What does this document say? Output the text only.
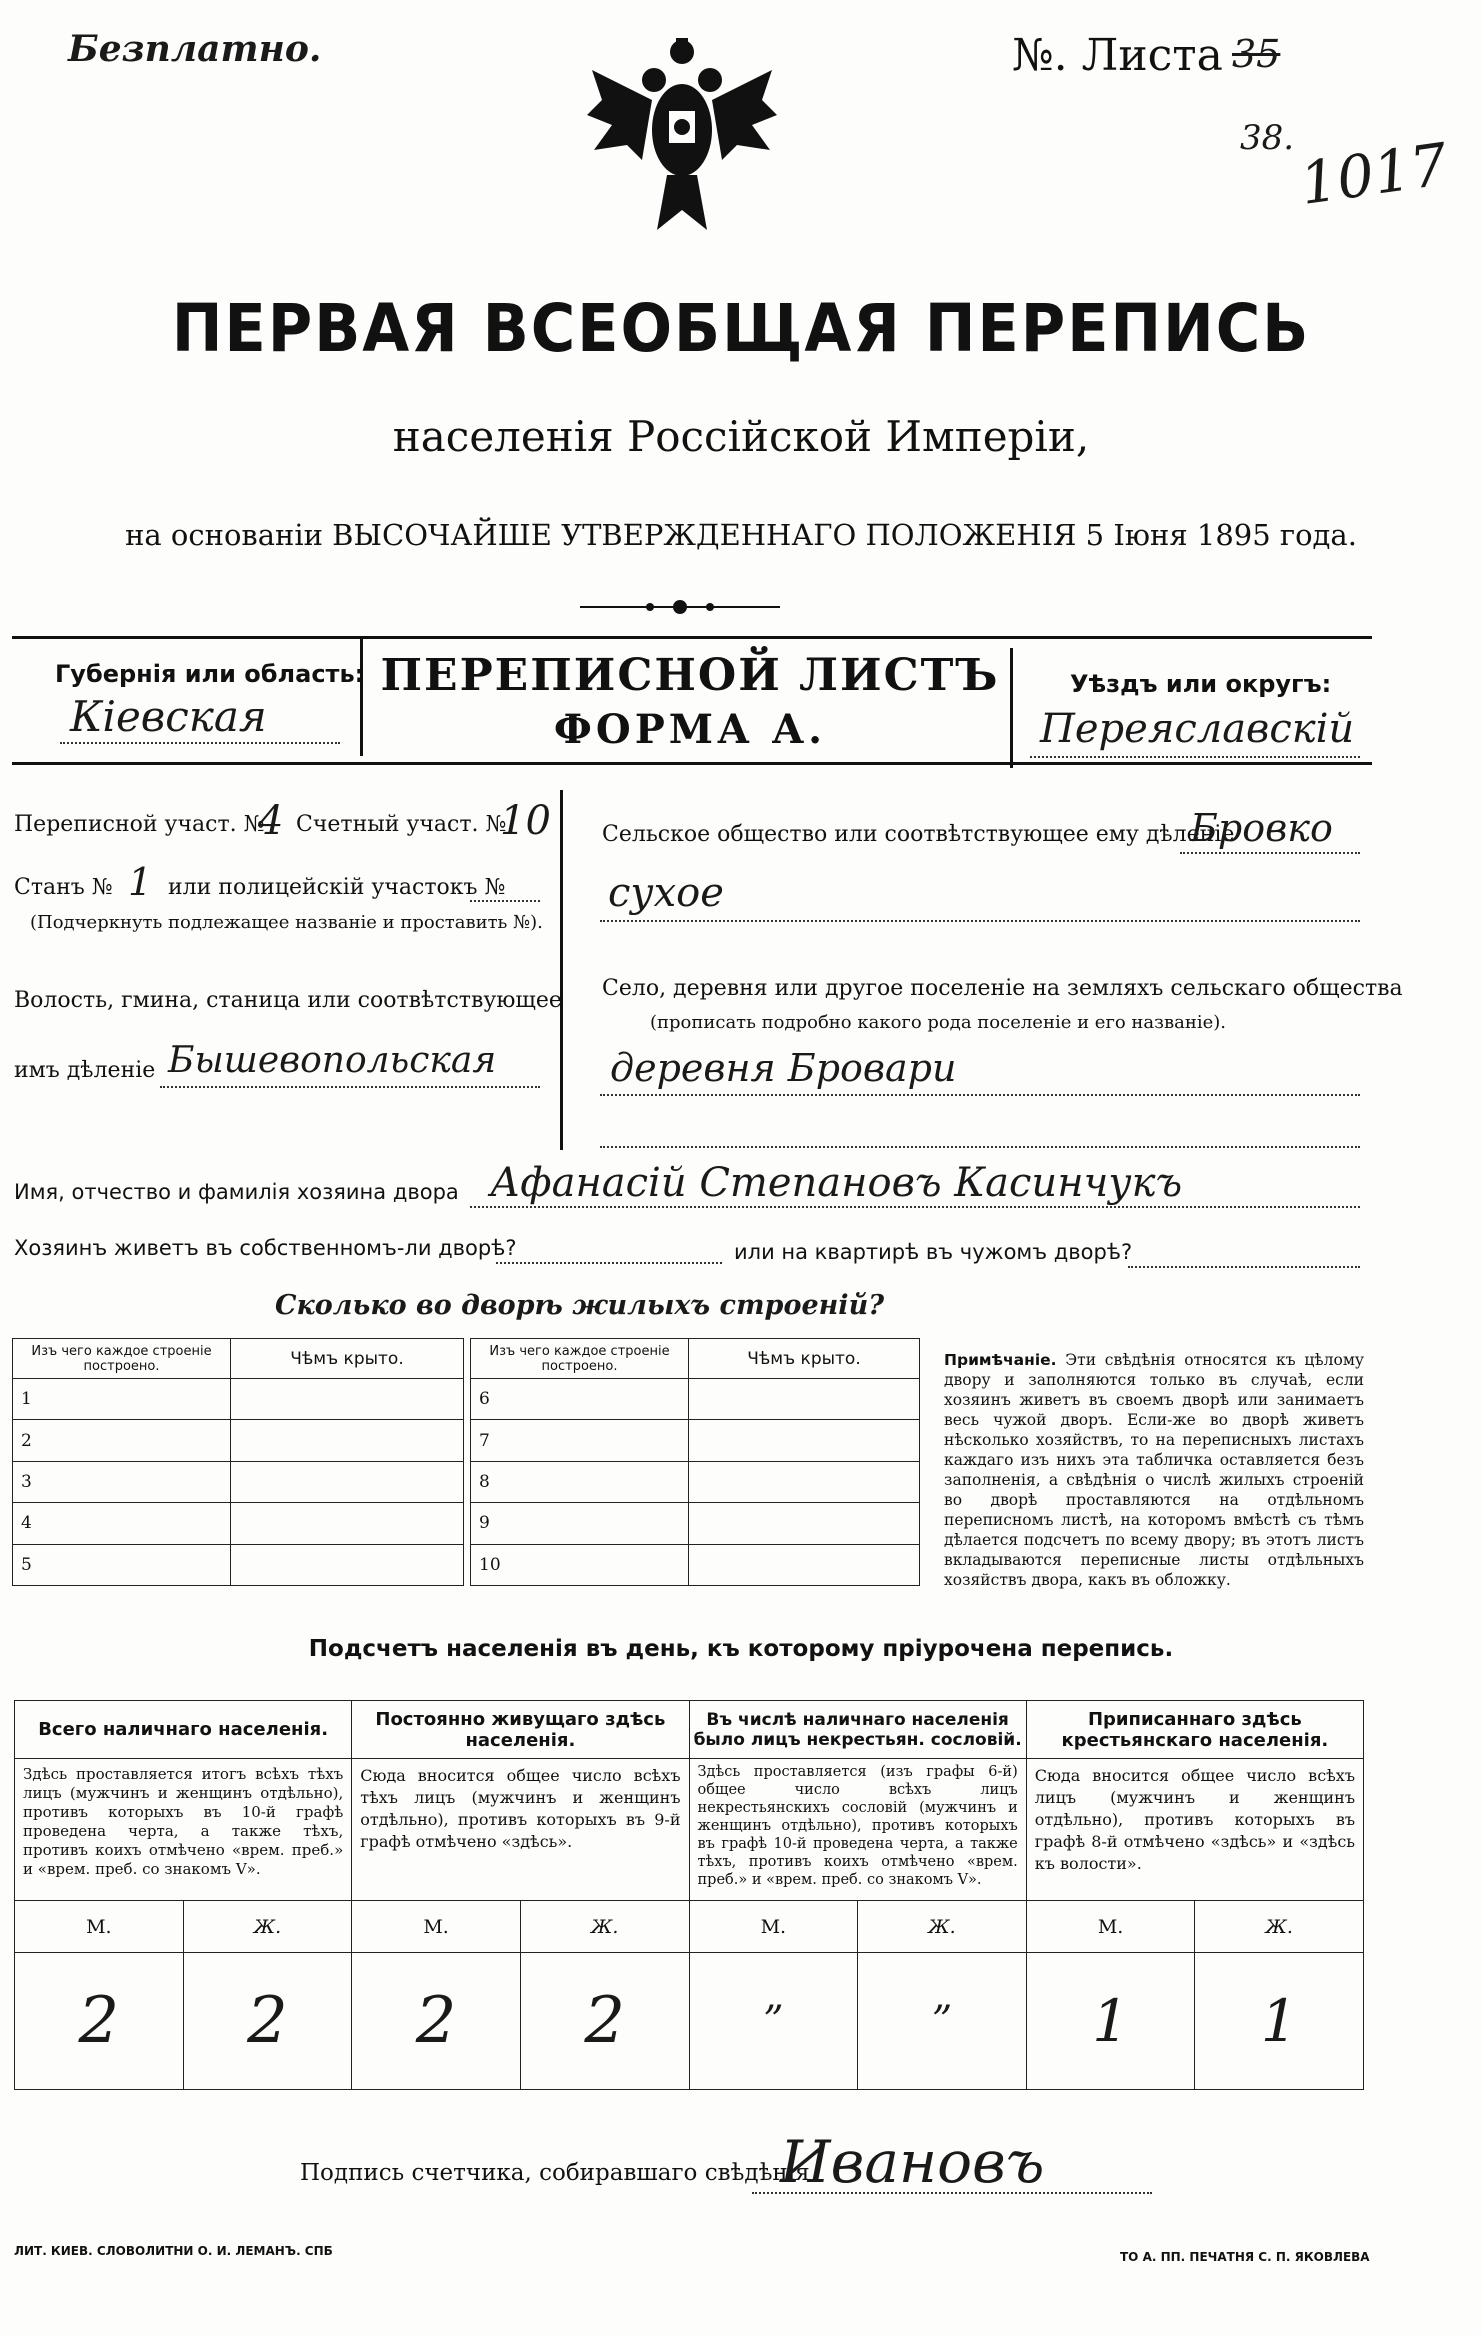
Безплатно.	№. Листа 35
38. 1017
ПЕРВАЯ ВСЕОБЩАЯ ПЕРЕПИСЬ
населенія Россійской Имперіи,
на основаніи ВЫСОЧАЙШЕ УТВЕРЖДЕННАГО ПОЛОЖЕНІЯ 5 Іюня 1895 года.
Губернія или область:
Кіевская
ПЕРЕПИСНОЙ ЛИСТЪ
ФОРМА А.
Уѣздъ или округъ:
Переяславскій
Переписной участ. №
4 Счетный участ. №
10
Станъ № 1 или полицейскій участокъ №
(Подчеркнуть подлежащее названіе и проставить №).
Волость, гмина, станица или соотвѣтствующее
имъ дѣленіе Бышевопольская
Сельское общество или соотвѣтствующее ему дѣленіе
Бровко
сухое
Село, деревня или другое поселеніе на земляхъ сельскаго общества
(прописать подробно какого рода поселеніе и его названіе).
деревня Бровари
Имя, отчество и фамилія хозяина двора Афанасій Степановъ Касинчукъ
Хозяинъ живетъ въ собственномъ-ли дворѣ?	или на квартирѣ въ чужомъ дворѣ?
Сколько во дворѣ жилыхъ строеній?
Изъ чего каждое строеніе построено.	Чѣмъ крыто.
1	
2	
3	
4	
5	
Изъ чего каждое строеніе построено.	Чѣмъ крыто.
6	
7	
8	
9	
10	
Примѣчаніе. Эти свѣдѣнія относятся къ цѣлому двору и заполняются только въ случаѣ, если хозяинъ живетъ въ своемъ дворѣ или занимаетъ весь чужой дворъ. Если-же во дворѣ живетъ нѣсколько хозяйствъ, то на переписныхъ листахъ каждаго изъ нихъ эта табличка оставляется безъ заполненія, а свѣдѣнія о числѣ жилыхъ строеній во дворѣ проставляются на отдѣльномъ переписномъ листѣ, на которомъ вмѣстѣ съ тѣмъ дѣлается подсчетъ по всему двору; въ этотъ листъ вкладываются переписные листы отдѣльныхъ хозяйствъ двора, какъ въ обложку.
Подсчетъ населенія въ день, къ которому пріурочена перепись.
Всего наличнаго населенія.		Постоянно живущаго здѣсь населенія.		Въ числѣ наличнаго населенія было лицъ некрестьян. сословій.		Приписаннаго здѣсь крестьянскаго населенія.	
Здѣсь проставляется итогъ всѣхъ тѣхъ лицъ (мужчинъ и женщинъ отдѣльно), противъ которыхъ въ 10-й графѣ проведена черта, а также тѣхъ, противъ коихъ отмѣчено «врем. преб.» и «врем. преб. со знакомъ V».		Сюда вносится общее число всѣхъ тѣхъ лицъ (мужчинъ и женщинъ отдѣльно), противъ которыхъ въ 9-й графѣ отмѣчено «здѣсь».		Здѣсь проставляется (изъ графы 6-й) общее число всѣхъ лицъ некрестьянскихъ сословій (мужчинъ и женщинъ отдѣльно), противъ которыхъ въ графѣ 10-й проведена черта, а также тѣхъ, противъ коихъ отмѣчено «врем. преб.» и «врем. преб. со знакомъ V».		Сюда вносится общее число всѣхъ лицъ (мужчинъ и женщинъ отдѣльно), противъ которыхъ въ графѣ 8-й отмѣчено «здѣсь» и «здѣсь къ волости».	
М.	Ж.	М.	Ж.	М.	Ж.	М.	Ж.
2	2	2	2	”	”	1	1
Подпись счетчика, собиравшаго свѣдѣнія
Ивановъ
ЛИТ. КИЕВ. СЛОВОЛИТНИ О. И. ЛЕМАНЪ. СПБ	ТО А. ПП. ПЕЧАТНЯ С. П. ЯКОВЛЕВА
